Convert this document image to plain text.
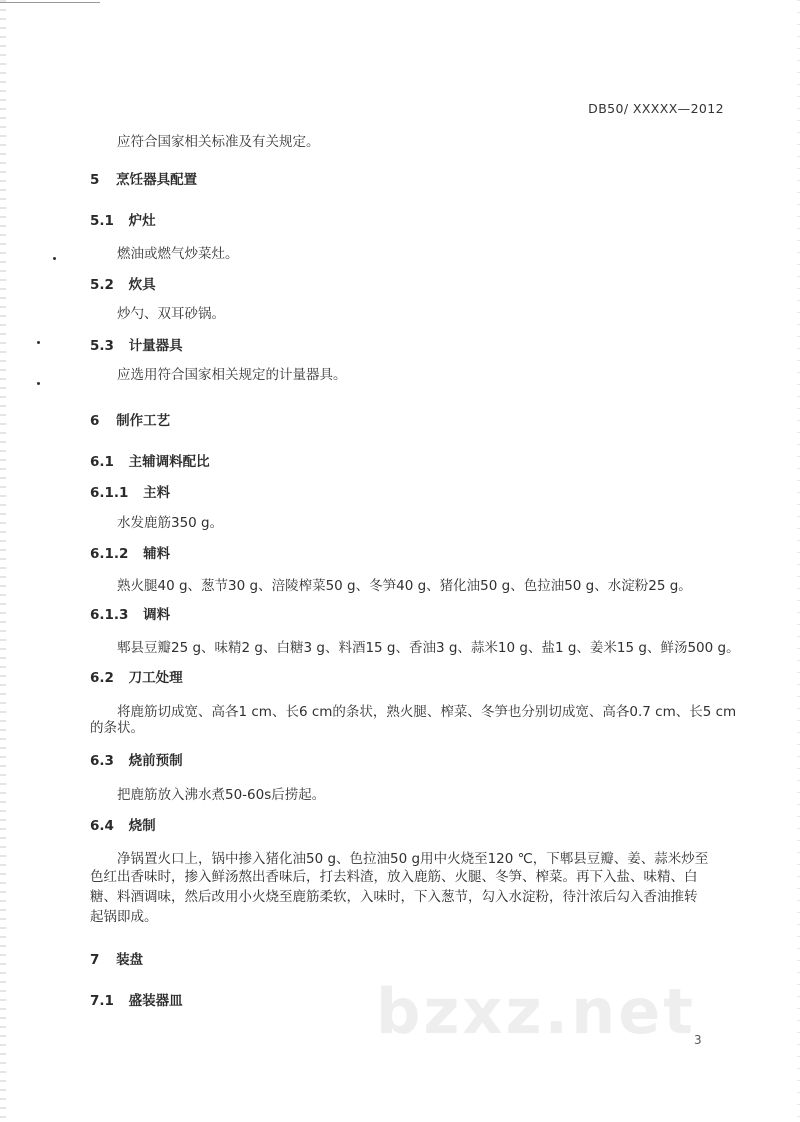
DB50/ XXXXX—2012
应符合国家相关标准及有关规定。
5 烹饪器具配置
5.1 炉灶
燃油或燃气炒菜灶。
5.2 炊具
炒勺、双耳砂锅。
5.3 计量器具
应选用符合国家相关规定的计量器具。
6 制作工艺
6.1 主辅调料配比
6.1.1 主料
水发鹿筋350 g。
6.1.2 辅料
熟火腿40 g、葱节30 g、涪陵榨菜50 g、冬笋40 g、猪化油50 g、色拉油50 g、水淀粉25 g。
6.1.3 调料
郫县豆瓣25 g、味精2 g、白糖3 g、料酒15 g、香油3 g、蒜米10 g、盐1 g、姜米15 g、鲜汤500 g。
6.2 刀工处理
将鹿筋切成宽、高各1 cm、长6 cm的条状，熟火腿、榨菜、冬笋也分别切成宽、高各0.7 cm、长5 cm
的条状。
6.3 烧前预制
把鹿筋放入沸水煮50-60s后捞起。
6.4 烧制
净锅置火口上，锅中掺入猪化油50 g、色拉油50 g用中火烧至120 ℃，下郫县豆瓣、姜、蒜米炒至
色红出香味时，掺入鲜汤熬出香味后，打去料渣，放入鹿筋、火腿、冬笋、榨菜。再下入盐、味精、白
糖、料酒调味，然后改用小火烧至鹿筋柔软，入味时，下入葱节，勾入水淀粉，待汁浓后勾入香油推转
起锅即成。
7 装盘
7.1 盛装器皿	bzxz.net
3
